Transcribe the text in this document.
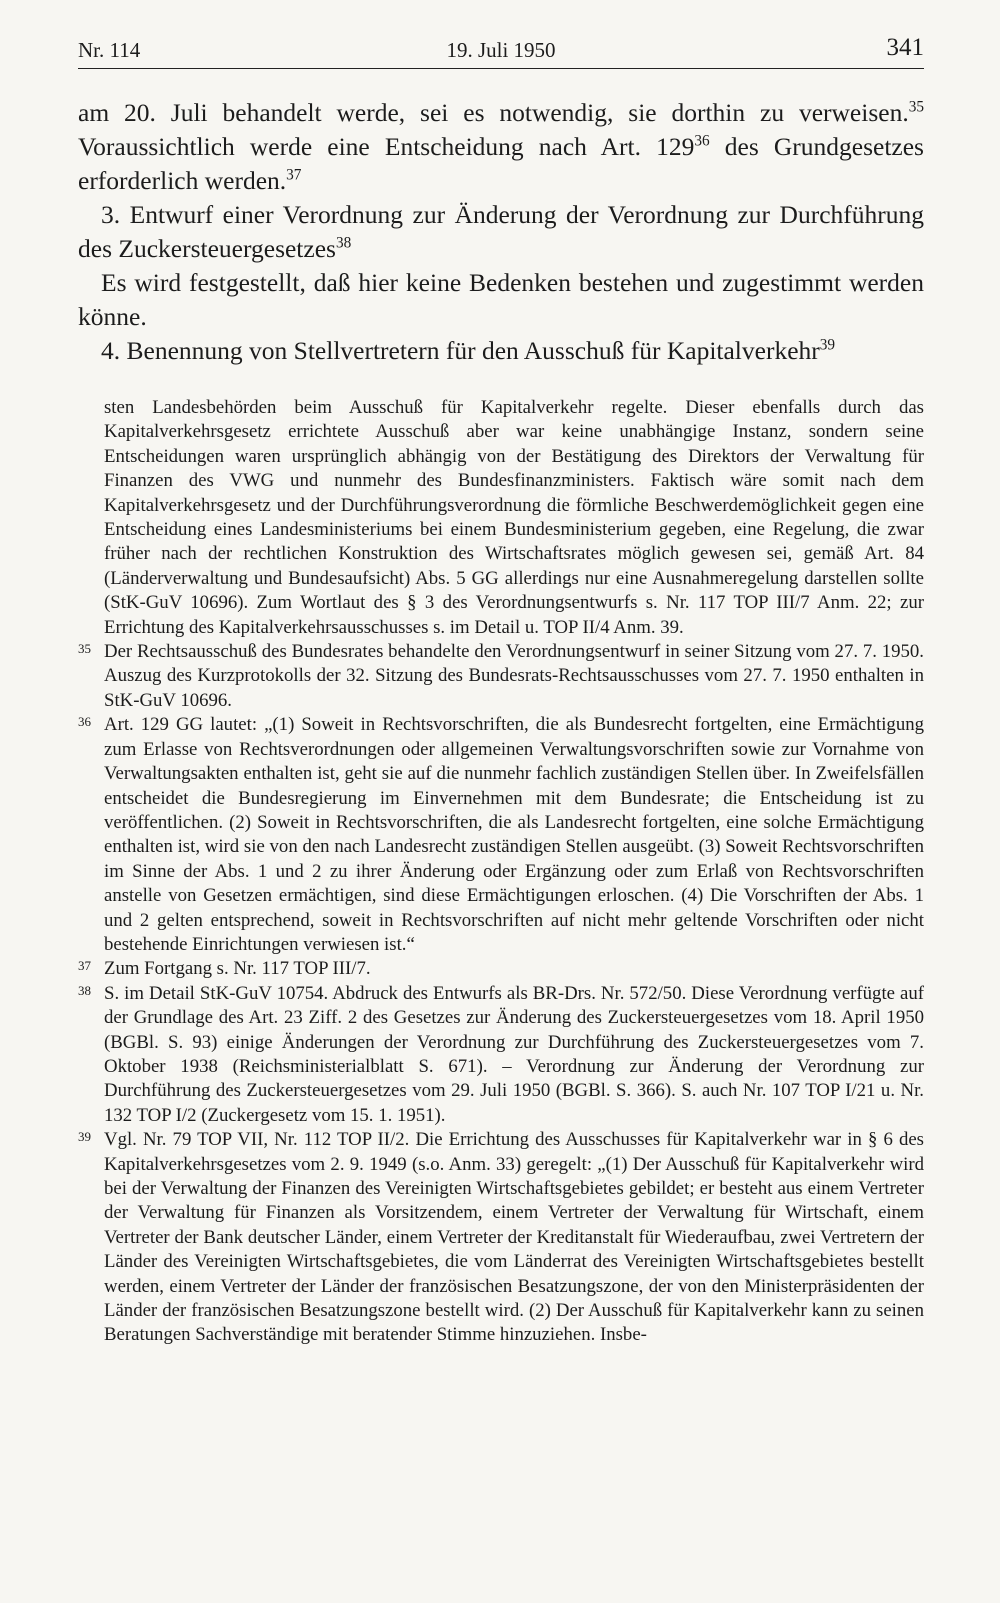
Nr. 114	19. Juli 1950	341

am 20. Juli behandelt werde, sei es notwendig, sie dorthin zu verweisen.$^{35}$ Voraussichtlich werde eine Entscheidung nach Art. $129^{36}$ des Grundgesetzes erforderlich werden.$^{37}$

3. Entwurf einer Verordnung zur Änderung der Verordnung zur Durchführung des Zuckersteuergesetzes$^{38}$

Es wird festgestellt, daß hier keine Bedenken bestehen und zugestimmt werden könne.

4. Benennung von Stellvertretern für den Ausschuß für Kapitalverkehr$^{39}$

sten Landesbehörden beim Ausschuß für Kapitalverkehr regelte. Dieser ebenfalls durch das Kapitalverkehrsgesetz errichtete Ausschuß aber war keine unabhängige Instanz, sondern seine Entscheidungen waren ursprünglich abhängig von der Bestätigung des Direktors der Verwaltung für Finanzen des VWG und nunmehr des Bundesfinanzministers. Faktisch wäre somit nach dem Kapitalverkehrsgesetz und der Durchführungsverordnung die förmliche Beschwerdemöglichkeit gegen eine Entscheidung eines Landesministeriums bei einem Bundesministerium gegeben, eine Regelung, die zwar früher nach der rechtlichen Konstruktion des Wirtschaftsrates möglich gewesen sei, gemäß Art. 84 (Länderverwaltung und Bundesaufsicht) Abs. 5 GG allerdings nur eine Ausnahmeregelung darstellen sollte (StK-GuV 10696). Zum Wortlaut des § 3 des Verordnungsentwurfs s. Nr. 117 TOP III/7 Anm. 22; zur Errichtung des Kapitalverkehrsausschusses s. im Detail u. TOP II/4 Anm. 39.

35 Der Rechtsausschuß des Bundesrates behandelte den Verordnungsentwurf in seiner Sitzung vom 27. 7. 1950. Auszug des Kurzprotokolls der 32. Sitzung des Bundesrats-Rechtsausschusses vom 27. 7. 1950 enthalten in StK-GuV 10696.
36 Art. 129 GG lautet: „(1) Soweit in Rechtsvorschriften, die als Bundesrecht fortgelten, eine Ermächtigung zum Erlasse von Rechtsverordnungen oder allgemeinen Verwaltungsvorschriften sowie zur Vornahme von Verwaltungsakten enthalten ist, geht sie auf die nunmehr fachlich zuständigen Stellen über. In Zweifelsfällen entscheidet die Bundesregierung im Einvernehmen mit dem Bundesrate; die Entscheidung ist zu veröffentlichen. (2) Soweit in Rechtsvorschriften, die als Landesrecht fortgelten, eine solche Ermächtigung enthalten ist, wird sie von den nach Landesrecht zuständigen Stellen ausgeübt. (3) Soweit Rechtsvorschriften im Sinne der Abs. 1 und 2 zu ihrer Änderung oder Ergänzung oder zum Erlaß von Rechtsvorschriften anstelle von Gesetzen ermächtigen, sind diese Ermächtigungen erloschen. (4) Die Vorschriften der Abs. 1 und 2 gelten entsprechend, soweit in Rechtsvorschriften auf nicht mehr geltende Vorschriften oder nicht bestehende Einrichtungen verwiesen ist.“
37 Zum Fortgang s. Nr. 117 TOP III/7.
38 S. im Detail StK-GuV 10754. Abdruck des Entwurfs als BR-Drs. Nr. 572/50. Diese Verordnung verfügte auf der Grundlage des Art. 23 Ziff. 2 des Gesetzes zur Änderung des Zuckersteuergesetzes vom 18. April 1950 (BGBl. S. 93) einige Änderungen der Verordnung zur Durchführung des Zuckersteuergesetzes vom 7. Oktober 1938 (Reichsministerialblatt S. 671). – Verordnung zur Änderung der Verordnung zur Durchführung des Zuckersteuergesetzes vom 29. Juli 1950 (BGBl. S. 366). S. auch Nr. 107 TOP I/21 u. Nr. 132 TOP I/2 (Zuckergesetz vom 15. 1. 1951).
39 Vgl. Nr. 79 TOP VII, Nr. 112 TOP II/2. Die Errichtung des Ausschusses für Kapitalverkehr war in § 6 des Kapitalverkehrsgesetzes vom 2. 9. 1949 (s.o. Anm. 33) geregelt: „(1) Der Ausschuß für Kapitalverkehr wird bei der Verwaltung der Finanzen des Vereinigten Wirtschaftsgebietes gebildet; er besteht aus einem Vertreter der Verwaltung für Finanzen als Vorsitzendem, einem Vertreter der Verwaltung für Wirtschaft, einem Vertreter der Bank deutscher Länder, einem Vertreter der Kreditanstalt für Wiederaufbau, zwei Vertretern der Länder des Vereinigten Wirtschaftsgebietes, die vom Länderrat des Vereinigten Wirtschaftsgebietes bestellt werden, einem Vertreter der Länder der französischen Besatzungszone, der von den Ministerpräsidenten der Länder der französischen Besatzungszone bestellt wird. (2) Der Ausschuß für Kapitalverkehr kann zu seinen Beratungen Sachverständige mit beratender Stimme hinzuziehen. Insbe-
